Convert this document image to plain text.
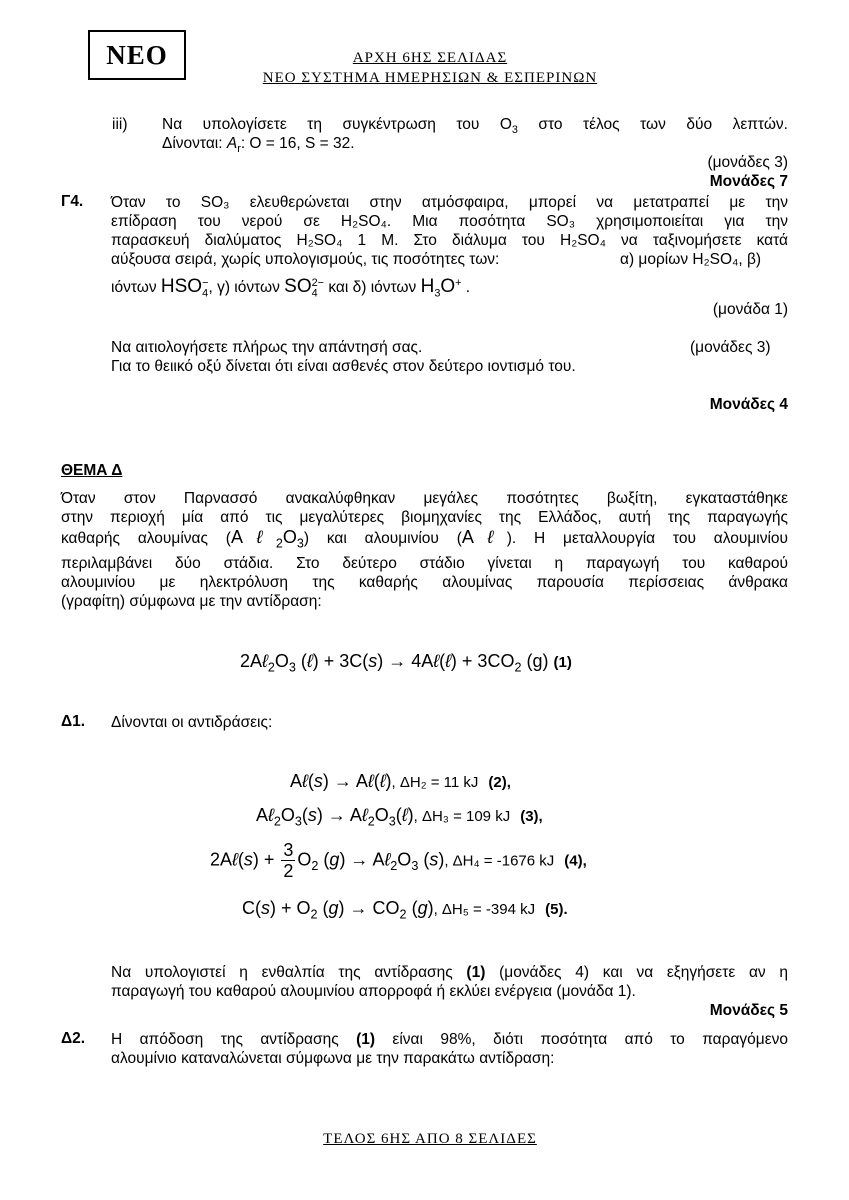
ΝΕΟ	ΑΡΧΗ 6ΗΣ ΣΕΛΙΔΑΣ
ΝΕΟ ΣΥΣΤΗΜΑ ΗΜΕΡΗΣΙΩΝ & ΕΣΠΕΡΙΝΩΝ
iii) Να υπολογίσετε τη συγκέντρωση του $O_3$ στο τέλος των δύο λεπτών.
Δίνονται: $A_r$: O = 16, S = 32.
(μονάδες 3)
Μονάδες 7
Γ4. Όταν το SO₃ ελευθερώνεται στην ατμόσφαιρα, μπορεί να μετατραπεί με την
επίδραση του νερού σε H₂SO₄. Μια ποσότητα SO₃ χρησιμοποιείται για την
παρασκευή διαλύματος H₂SO₄ 1 M. Στο διάλυμα του H₂SO₄ να ταξινομήσετε κατά
αύξουσα σειρά, χωρίς υπολογισμούς, τις ποσότητες των:	α) μορίων H₂SO₄, β)
ιόντων $HSO_4^-$, γ) ιόντων $SO_4^{2-}$ και δ) ιόντων $H_3O^+$ .
(μονάδα 1)
Να αιτιολογήσετε πλήρως την απάντησή σας.	(μονάδες 3)
Για το θειικό οξύ δίνεται ότι είναι ασθενές στον δεύτερο ιοντισμό του.
Μονάδες 4
ΘΕΜΑ Δ
Όταν στον Παρνασσό ανακαλύφθηκαν μεγάλες ποσότητες βωξίτη, εγκαταστάθηκε
στην περιοχή μία από τις μεγαλύτερες βιομηχανίες της Ελλάδος, αυτή της παραγωγής
καθαρής αλουμίνας $(A\ell_2O_3)$ και αλουμινίου (Aℓ). Η μεταλλουργία του αλουμινίου
περιλαμβάνει δύο στάδια. Στο δεύτερο στάδιο γίνεται η παραγωγή του καθαρού
αλουμινίου με ηλεκτρόλυση της καθαρής αλουμίνας παρουσία περίσσειας άνθρακα
(γραφίτη) σύμφωνα με την αντίδραση:
$2A\ell_2O_3$ (ℓ) + 3C(s) → 4Aℓ(ℓ) + $3CO_2$ (g) (1)
Δ1. Δίνονται οι αντιδράσεις:
Aℓ(s) → Aℓ(ℓ), ΔH₂ = 11 kJ (2),
$A\ell_2O_3(s)$ → $A\ell_2O_3(\ell)$, ΔH₃ = 109 kJ (3),
2Aℓ(s) + $\frac{3}{2} O_2$ $(g) \to A\ell_2O_3$ (s), ΔH₄ = -1676 kJ (4),
$C(s) + O_2$ $(g) \to CO_2$ (g), ΔH₅ = -394 kJ (5).
Να υπολογιστεί η ενθαλπία της αντίδρασης (1) (μονάδες 4) και να εξηγήσετε αν η
παραγωγή του καθαρού αλουμινίου απορροφά ή εκλύει ενέργεια (μονάδα 1).
Μονάδες 5
Δ2. Η απόδοση της αντίδρασης (1) είναι 98%, διότι ποσότητα από το παραγόμενο
αλουμίνιο καταναλώνεται σύμφωνα με την παρακάτω αντίδραση:
ΤΕΛΟΣ 6ΗΣ ΑΠΟ 8 ΣΕΛΙΔΕΣ
